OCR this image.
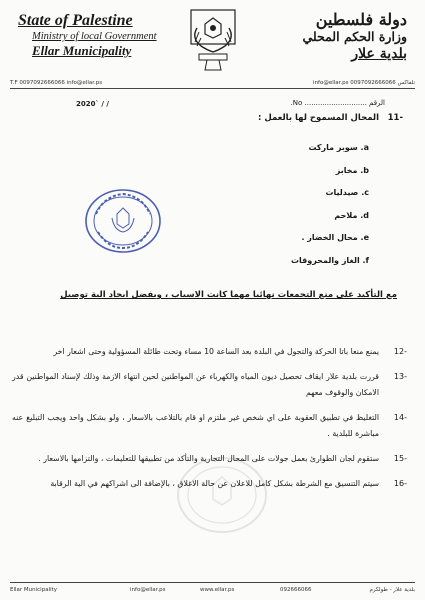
State of Palestine
Ministry of local Government
Ellar Municipality
دولة فلسطين
وزارة الحكم المحلي
بلدية علار
T.F 0097092666066 info@ellar.ps	info@ellar.ps تلفاكس 0097092666066
2020` / /	الرقم ............................ No.
-11
المحال المسموح لها بالعمل :
a. سوبر ماركت
b. مخابز
c. صيدليات
d. ملاحم
e. محال الخضار .
f. الغاز والمحروقات
مع التأكيد على منع التجمعات نهائيا مهما كانت الاسباب ، ويفضل ايجاد الية توصيل
-12
يمنع منعا باتا الحركة والتجول في البلدة بعد الساعة 10 مساء وتحت طائلة المسؤولية وحتى اشعار اخر
-13
قررت بلدية علار ايقاف تحصيل ديون المياه والكهرباء عن المواطنين لحين انتهاء الازمة وذلك لإسناد المواطنين قدر الامكان والوقوف معهم
-14
التغليظ في تطبيق العقوبة على اي شخص غير ملتزم او قام بالتلاعب بالاسعار ، ولو بشكل واحد ويجب التبليغ عنه مباشرة للبلدية .
-15
ستقوم لجان الطوارئ بعمل جولات على المحال التجارية والتأكد من تطبيقها للتعليمات ، والتزامها بالاسعار .
-16
سيتم التنسيق مع الشرطة بشكل كامل للاعلان عن حالة الاغلاق ، بالإضافة الى اشراكهم في الية الرقابة
Ellar Municipality	info@ellar.ps	www.ellar.ps	092666066	بلدية علار - طولكرم
